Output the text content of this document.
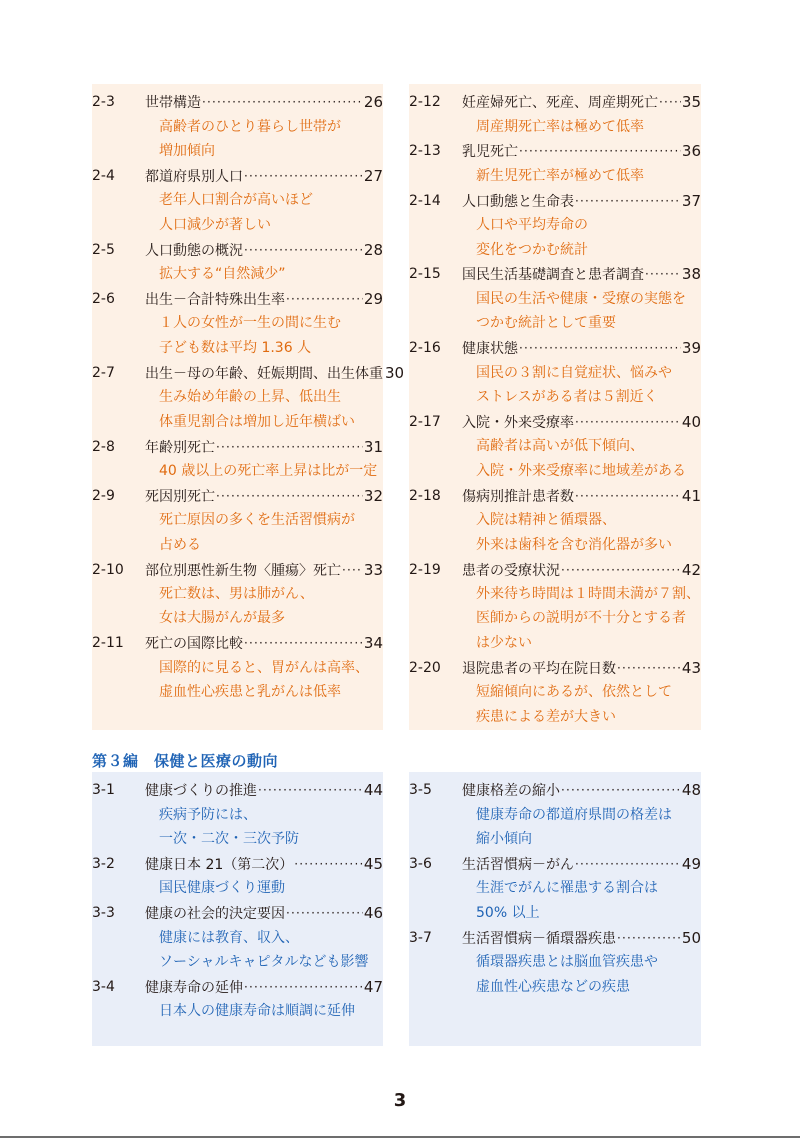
2-3	世帯構造 ·····	26
高齢者のひとり暮らし世帯が
増加傾向
2-4	都道府県別人口 ·····	27
老年人口割合が高いほど
人口減少が著しい
2-5	人口動態の概況 ·····	28
拡大する“自然減少”
2-6	出生－合計特殊出生率 ·····	29
１人の女性が一生の間に生む
子ども数は平均 1.36 人
2-7	出生－母の年齢、妊娠期間、出生体重 30
生み始め年齢の上昇、低出生
体重児割合は増加し近年横ばい
2-8	年齢別死亡 ·····	31
40 歳以上の死亡率上昇は比が一定
2-9	死因別死亡 ·····	32
死亡原因の多くを生活習慣病が
占める
2-10	部位別悪性新生物〈腫瘍〉死亡 ····· 33
死亡数は、男は肺がん、
女は大腸がんが最多
2-11	死亡の国際比較 ·····	34
国際的に見ると、胃がんは高率、
虚血性心疾患と乳がんは低率
2-12	妊産婦死亡、死産、周産期死亡 ····· 35
周産期死亡率は極めて低率
2-13	乳児死亡 ·····	36
新生児死亡率が極めて低率
2-14	人口動態と生命表 ·····	37
人口や平均寿命の
変化をつかむ統計
2-15	国民生活基礎調査と患者調査 ·····	38
国民の生活や健康・受療の実態を
つかむ統計として重要
2-16	健康状態 ·····	39
国民の３割に自覚症状、悩みや
ストレスがある者は５割近く
2-17	入院・外来受療率 ·····	40
高齢者は高いが低下傾向、
入院・外来受療率に地域差がある
2-18	傷病別推計患者数 ·····	41
入院は精神と循環器、
外来は歯科を含む消化器が多い
2-19	患者の受療状況 ·····	42
外来待ち時間は１時間未満が７割、
医師からの説明が不十分とする者
は少ない
2-20	退院患者の平均在院日数 ·····	43
短縮傾向にあるが、依然として
疾患による差が大きい
第３編　保健と医療の動向
3-1	健康づくりの推進 ·····	44
疾病予防には、
一次・二次・三次予防
3-2	健康日本 21（第二次） ·····	45
国民健康づくり運動
3-3	健康の社会的決定要因 ·····	46
健康には教育、収入、
ソーシャルキャピタルなども影響
3-4	健康寿命の延伸 ·····	47
日本人の健康寿命は順調に延伸
3-5	健康格差の縮小 ·····	48
健康寿命の都道府県間の格差は
縮小傾向
3-6	生活習慣病－がん ·····	49
生涯でがんに罹患する割合は
50% 以上
3-7	生活習慣病－循環器疾患 ·····	50
循環器疾患とは脳血管疾患や
虚血性心疾患などの疾患
3
